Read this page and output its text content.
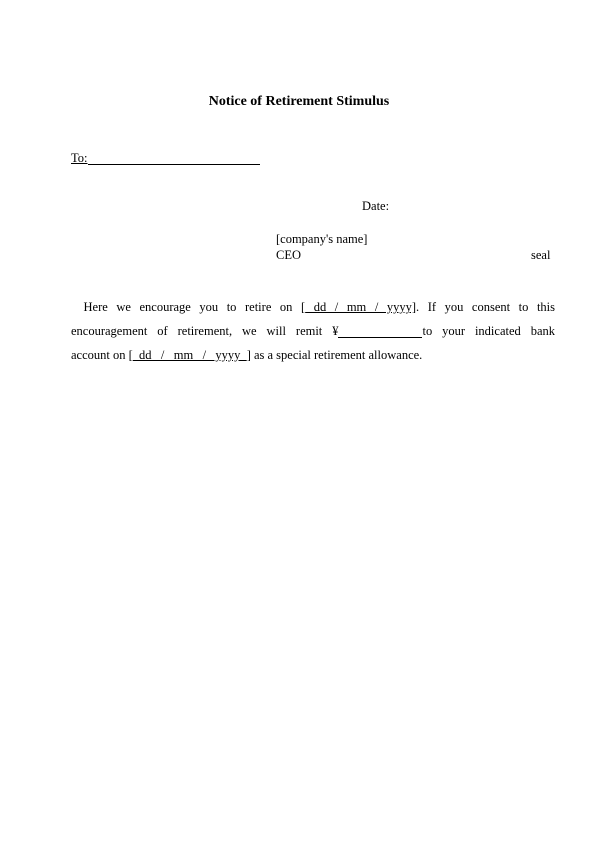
Notice of Retirement Stimulus
To:
Date:
[company's name]
CEO	seal
 Here we encourage you to retire on [ dd / mm / yyyy]. If you consent to this
encouragement of retirement, we will remit ¥	to your indicated bank
account on [  dd   /   mm   /   yyyy  ] as a special retirement allowance.
